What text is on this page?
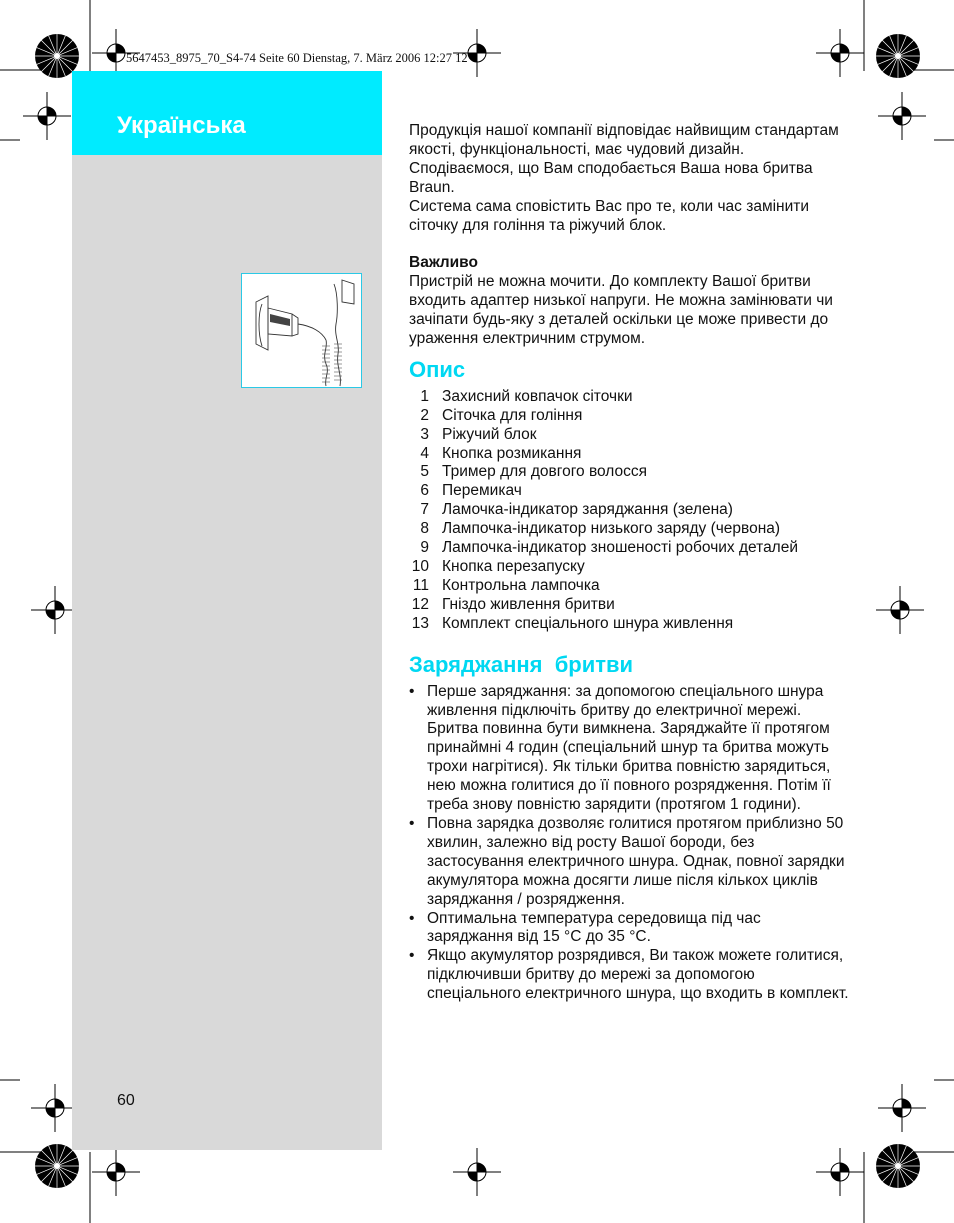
5647453_8975_70_S4-74 Seite 60 Dienstag, 7. März 2006 12:27 12
Українська
60

Продукція нашої компанії відповідає найвищим стандартам якості, функціональності, має чудовий дизайн. Сподіваємося, що Вам сподобається Ваша нова бритва Braun.

Система сама сповістить Вас про те, коли час замінити сіточку для гоління та ріжучий блок.

Важливо

Пристрій не можна мочити. До комплекту Вашої бритви входить адаптер низької напруги. Не можна замінювати чи зачіпати будь-яку з деталей оскільки це може привести до ураження електричним струмом.

Опис
1 Захисний ковпачок сіточки
2 Сіточка для гоління
3 Ріжучий блок
4 Кнопка розмикання
5 Тример для довгого волосся
6 Перемикач
7 Ламочка-індикатор заряджання (зелена)
8 Лампочка-індикатор низького заряду (червона)
9 Лампочка-індикатор зношеності робочих деталей
10 Кнопка перезапуску
11 Контрольна лампочка
12 Гніздо живлення бритви
13 Комплект спеціального шнура живлення
Заряджання  бритви
• Перше заряджання: за допомогою спеціального шнура живлення підключіть бритву до електричної мережі. Бритва повинна бути вимкнена. Заряджайте її протягом принаймні 4 годин (спеціальний шнур та бритва можуть трохи нагрітися). Як тільки бритва повністю зарядиться, нею можна голитися до її повного розрядження. Потім її треба знову повністю зарядити (протягом 1 години).
• Повна зарядка дозволяє голитися протягом приблизно 50 хвилин, залежно від росту Вашої бороди, без застосування електричного шнура. Однак, повної зарядки акумулятора можна досягти лише після кількох циклів заряджання / розрядження.
• Оптимальна температура середовища під час заряджання від 15 °C до 35 °C.
• Якщо акумулятор розрядився, Ви також можете голитися, підключивши бритву до мережі за допомогою спеціального електричного шнура, що входить в комплект.
